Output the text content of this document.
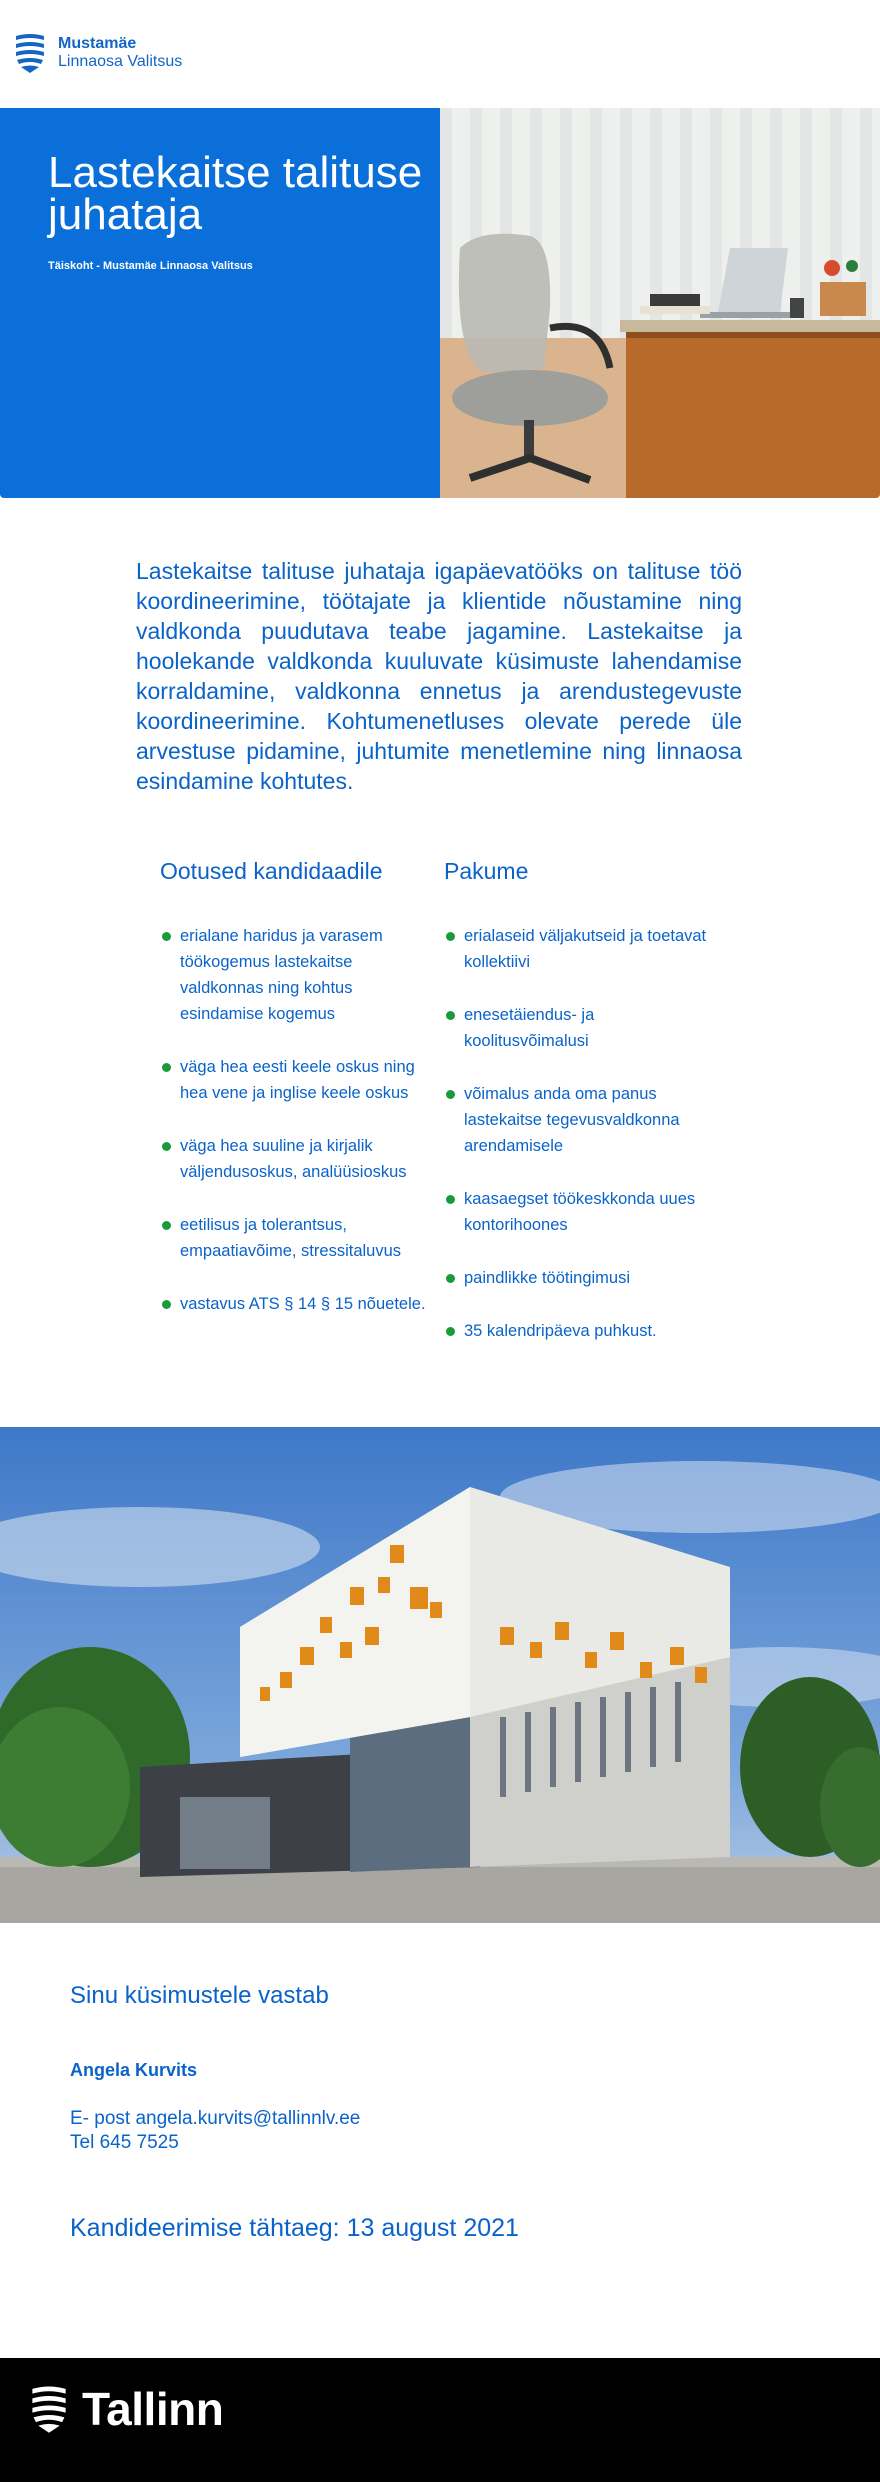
Mustamäe
Linnaosa Valitsus
Lastekaitse talituse juhataja
Täiskoht - Mustamäe Linnaosa Valitsus

Lastekaitse talituse juhataja igapäevatööks on talituse töö koordineerimine, töötajate ja klientide nõustamine ning valdkonda puudutava teabe jagamine. Lastekaitse ja hoolekande valdkonda kuuluvate küsimuste lahendamise korraldamine, valdkonna ennetus ja arendustegevuste koordineerimine. Kohtumenetluses olevate perede üle arvestuse pidamine, juhtumite menetlemine ning linnaosa esindamine kohtutes.

Ootused kandidaadile
erialane haridus ja varasem töökogemus lastekaitse valdkonnas ning kohtus esindamise kogemus
väga hea eesti keele oskus ning hea vene ja inglise keele oskus
väga hea suuline ja kirjalik väljendusoskus, analüüsioskus
eetilisus ja tolerantsus, empaatiavõime, stressitaluvus
vastavus ATS § 14 § 15 nõuetele.
Pakume
erialaseid väljakutseid ja toetavat kollektiivi
enesetäiendus- ja koolitusvõimalusi
võimalus anda oma panus lastekaitse tegevusvaldkonna arendamisele
kaasaegset töökeskkonda uues kontorihoones
paindlikke töötingimusi
35 kalendripäeva puhkust.
Sinu küsimustele vastab
Angela Kurvits
E- post angela.kurvits@tallinnlv.ee
Tel 645 7525
Kandideerimise tähtaeg: 13 august 2021
Tallinn
